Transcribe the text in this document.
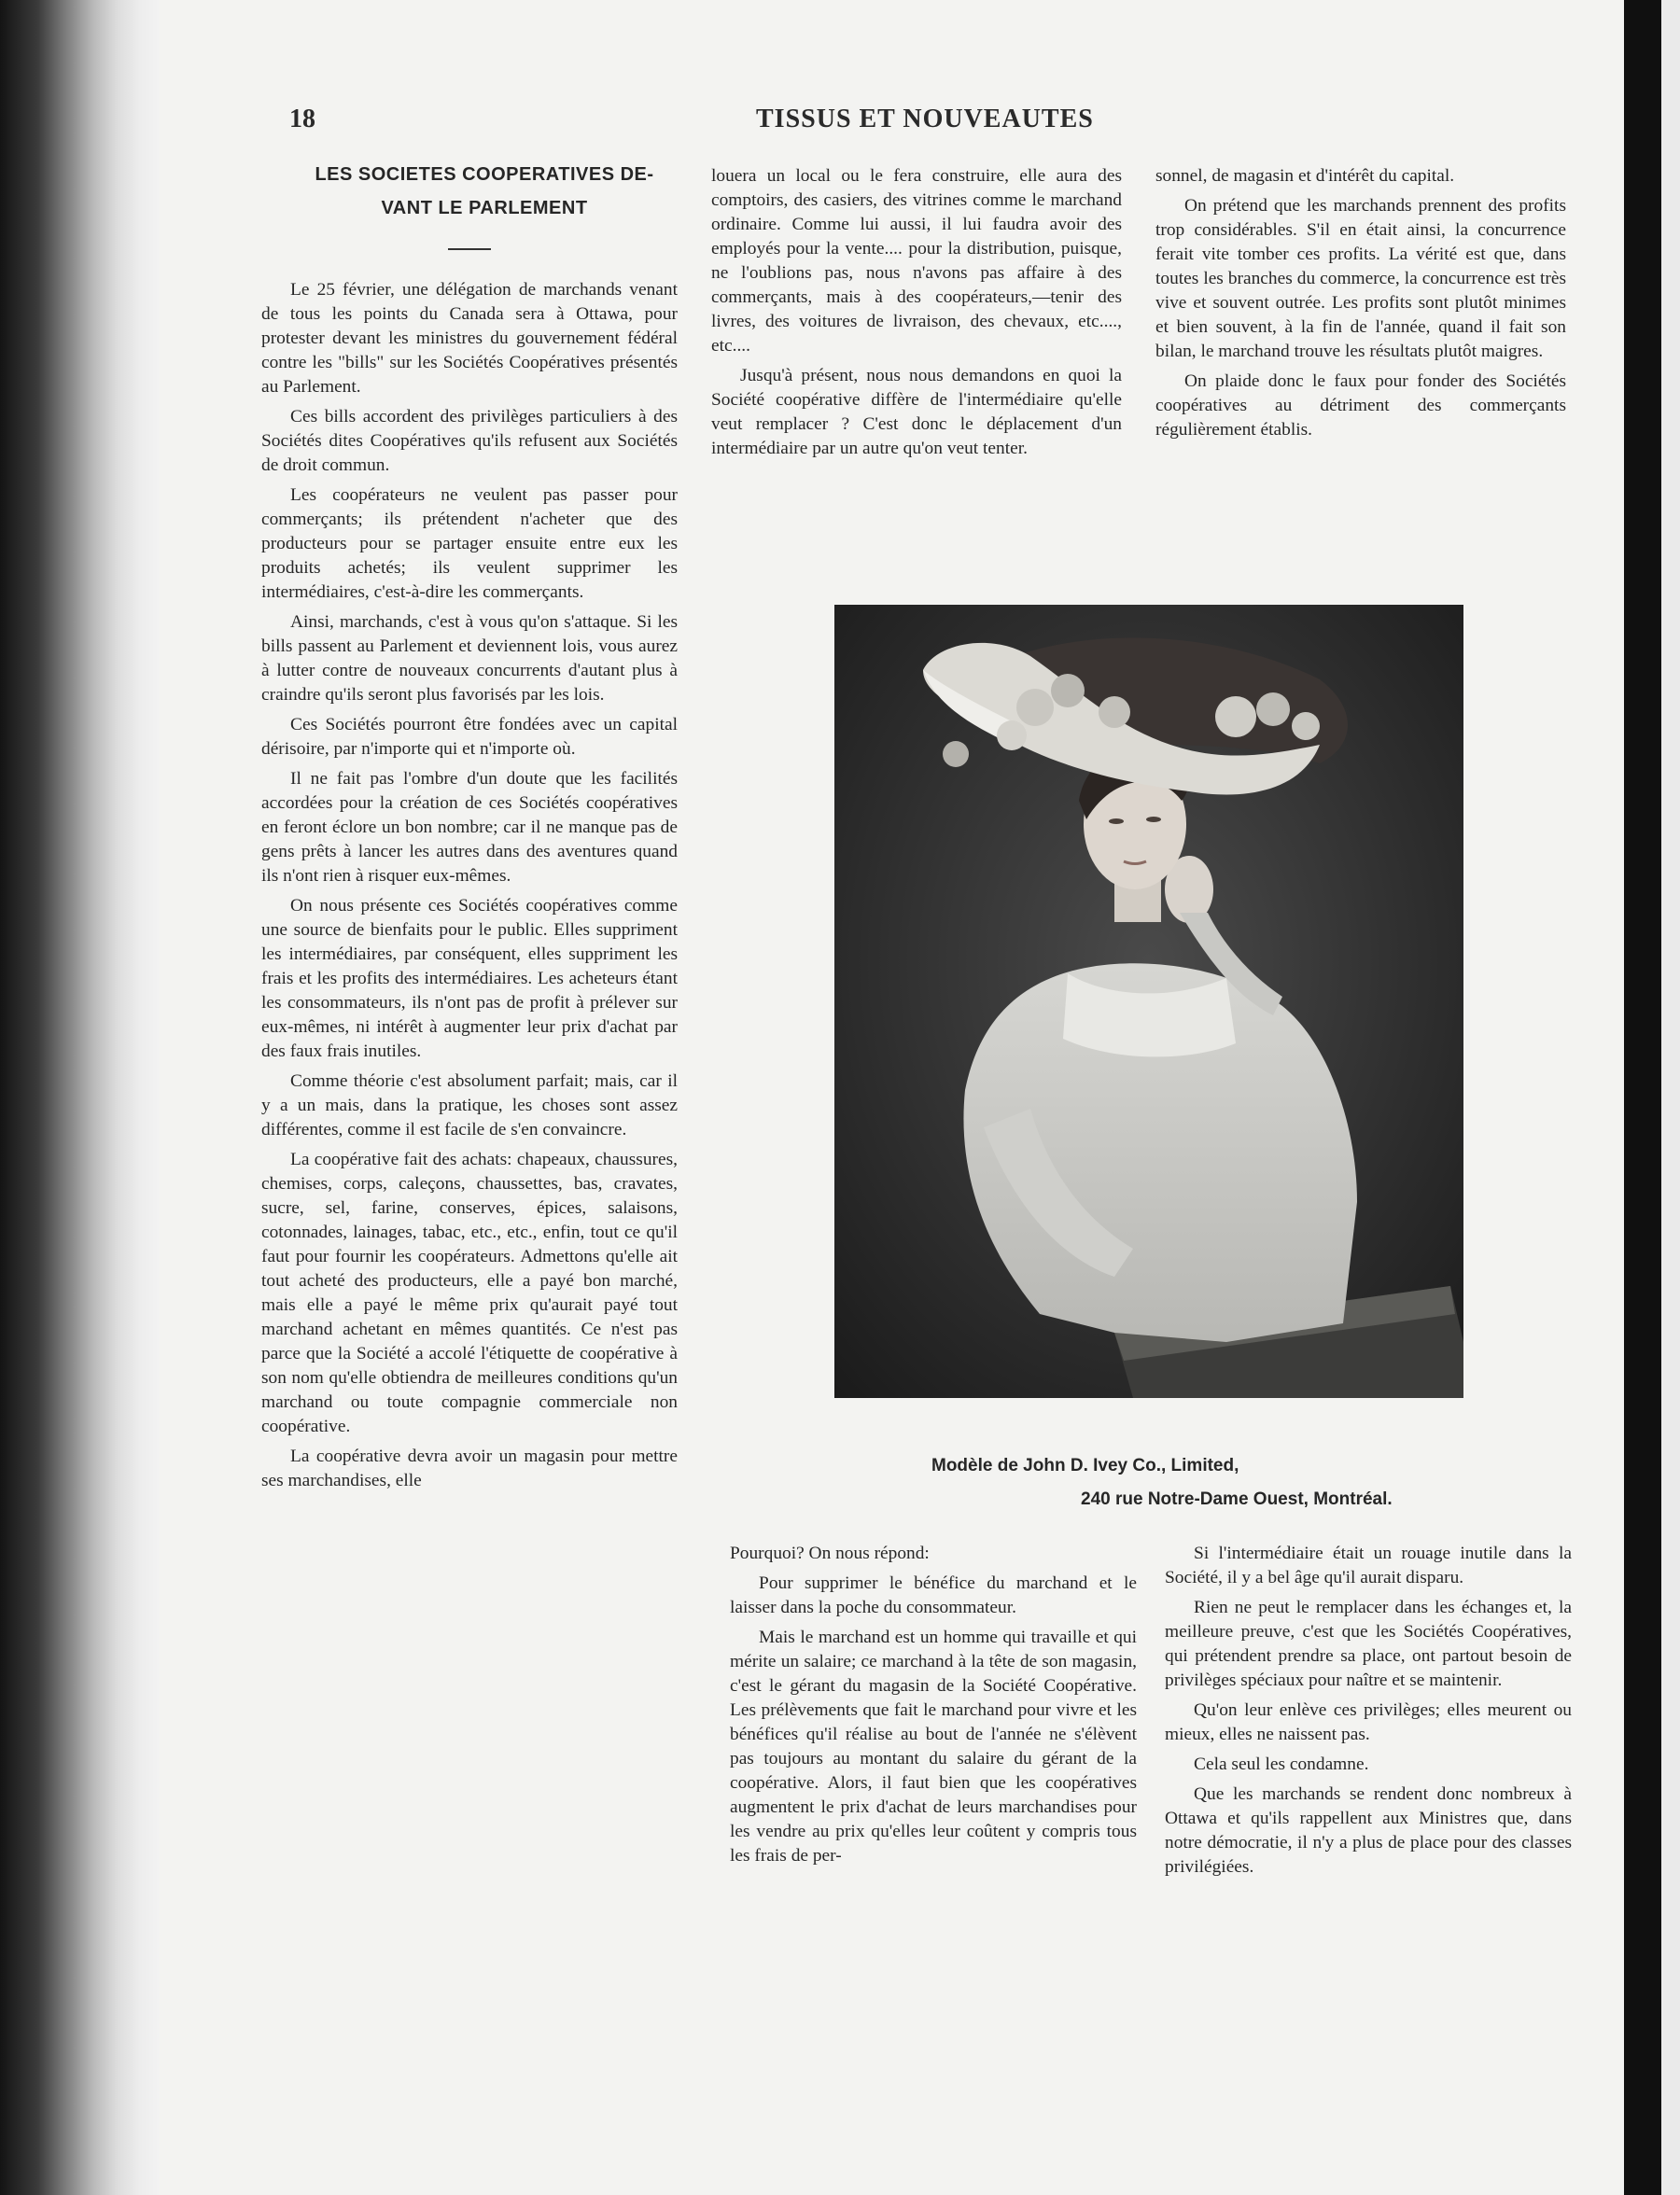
18	TISSUS ET NOUVEAUTES

LES SOCIETES COOPERATIVES DE-

VANT LE PARLEMENT

Le 25 février, une délégation de marchands venant de tous les points du Canada sera à Ottawa, pour protester devant les ministres du gouvernement fédéral contre les "bills" sur les Sociétés Coopératives présentés au Parlement.

Ces bills accordent des privilèges particuliers à des Sociétés dites Coopératives qu'ils refusent aux Sociétés de droit commun.

Les coopérateurs ne veulent pas passer pour commerçants; ils prétendent n'acheter que des producteurs pour se partager ensuite entre eux les produits achetés; ils veulent supprimer les intermédiaires, c'est-à-dire les commerçants.

Ainsi, marchands, c'est à vous qu'on s'attaque. Si les bills passent au Parlement et deviennent lois, vous aurez à lutter contre de nouveaux concurrents d'autant plus à craindre qu'ils seront plus favorisés par les lois.

Ces Sociétés pourront être fondées avec un capital dérisoire, par n'importe qui et n'importe où.

Il ne fait pas l'ombre d'un doute que les facilités accordées pour la création de ces Sociétés coopératives en feront éclore un bon nombre; car il ne manque pas de gens prêts à lancer les autres dans des aventures quand ils n'ont rien à risquer eux-mêmes.

On nous présente ces Sociétés coopératives comme une source de bienfaits pour le public. Elles suppriment les intermédiaires, par conséquent, elles suppriment les frais et les profits des intermédiaires. Les acheteurs étant les consommateurs, ils n'ont pas de profit à prélever sur eux-mêmes, ni intérêt à augmenter leur prix d'achat par des faux frais inutiles.

Comme théorie c'est absolument parfait; mais, car il y a un mais, dans la pratique, les choses sont assez différentes, comme il est facile de s'en convaincre.

La coopérative fait des achats: chapeaux, chaussures, chemises, corps, caleçons, chaussettes, bas, cravates, sucre, sel, farine, conserves, épices, salaisons, cotonnades, lainages, tabac, etc., etc., enfin, tout ce qu'il faut pour fournir les coopérateurs. Admettons qu'elle ait tout acheté des producteurs, elle a payé bon marché, mais elle a payé le même prix qu'aurait payé tout marchand achetant en mêmes quantités. Ce n'est pas parce que la Société a accolé l'étiquette de coopérative à son nom qu'elle obtiendra de meilleures conditions qu'un marchand ou toute compagnie commerciale non coopérative.

La coopérative devra avoir un magasin pour mettre ses marchandises, elle

louera un local ou le fera construire, elle aura des comptoirs, des casiers, des vitrines comme le marchand ordinaire. Comme lui aussi, il lui faudra avoir des employés pour la vente.... pour la distribution, puisque, ne l'oublions pas, nous n'avons pas affaire à des commerçants, mais à des coopérateurs,—tenir des livres, des voitures de livraison, des chevaux, etc...., etc....

Jusqu'à présent, nous nous demandons en quoi la Société coopérative diffère de l'intermédiaire qu'elle veut remplacer ? C'est donc le déplacement d'un intermédiaire par un autre qu'on veut tenter.

sonnel, de magasin et d'intérêt du capital.

On prétend que les marchands prennent des profits trop considérables. S'il en était ainsi, la concurrence ferait vite tomber ces profits. La vérité est que, dans toutes les branches du commerce, la concurrence est très vive et souvent outrée. Les profits sont plutôt minimes et bien souvent, à la fin de l'année, quand il fait son bilan, le marchand trouve les résultats plutôt maigres.

On plaide donc le faux pour fonder des Sociétés coopératives au détriment des commerçants régulièrement établis.

Modèle de John D. Ivey Co., Limited,
240 rue Notre-Dame Ouest, Montréal.

Pourquoi? On nous répond:

Pour supprimer le bénéfice du marchand et le laisser dans la poche du consommateur.

Mais le marchand est un homme qui travaille et qui mérite un salaire; ce marchand à la tête de son magasin, c'est le gérant du magasin de la Société Coopérative. Les prélèvements que fait le marchand pour vivre et les bénéfices qu'il réalise au bout de l'année ne s'élèvent pas toujours au montant du salaire du gérant de la coopérative. Alors, il faut bien que les coopératives augmentent le prix d'achat de leurs marchandises pour les vendre au prix qu'elles leur coûtent y compris tous les frais de per-

Si l'intermédiaire était un rouage inutile dans la Société, il y a bel âge qu'il aurait disparu.

Rien ne peut le remplacer dans les échanges et, la meilleure preuve, c'est que les Sociétés Coopératives, qui prétendent prendre sa place, ont partout besoin de privilèges spéciaux pour naître et se maintenir.

Qu'on leur enlève ces privilèges; elles meurent ou mieux, elles ne naissent pas.

Cela seul les condamne.

Que les marchands se rendent donc nombreux à Ottawa et qu'ils rappellent aux Ministres que, dans notre démocratie, il n'y a plus de place pour des classes privilégiées.
